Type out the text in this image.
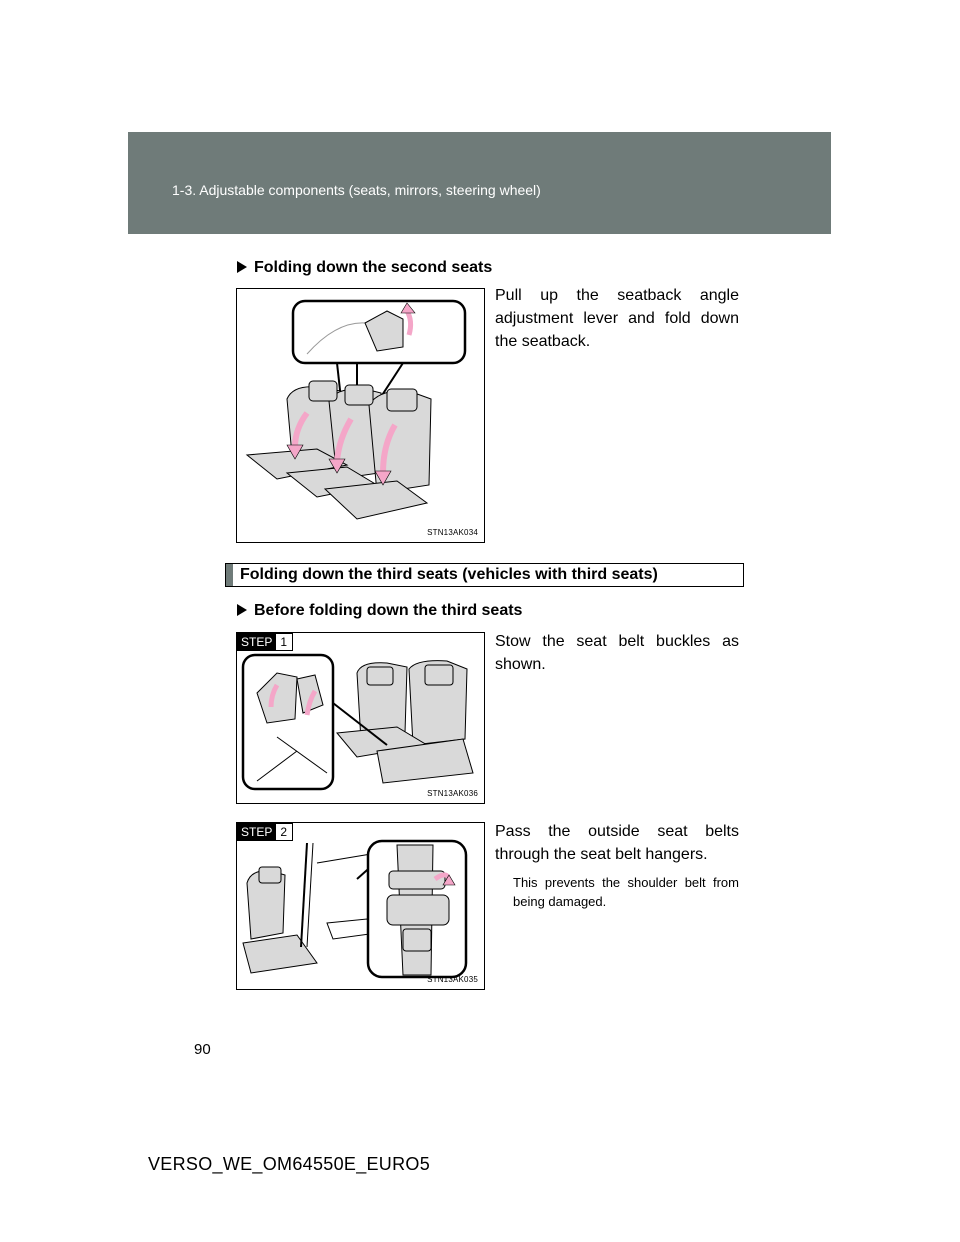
1-3. Adjustable components (seats, mirrors, steering wheel)
Folding down the second seats
STN13AK034
Pull up the seatback angle adjustment lever and fold down the seatback.
Folding down the third seats (vehicles with third seats)
Before folding down the third seats
STEP 1
STN13AK036
Stow the seat belt buckles as shown.
STEP 2
STN13AK035
Pass the outside seat belts through the seat belt hangers.
This prevents the shoulder belt from being damaged.
90
VERSO_WE_OM64550E_EURO5
